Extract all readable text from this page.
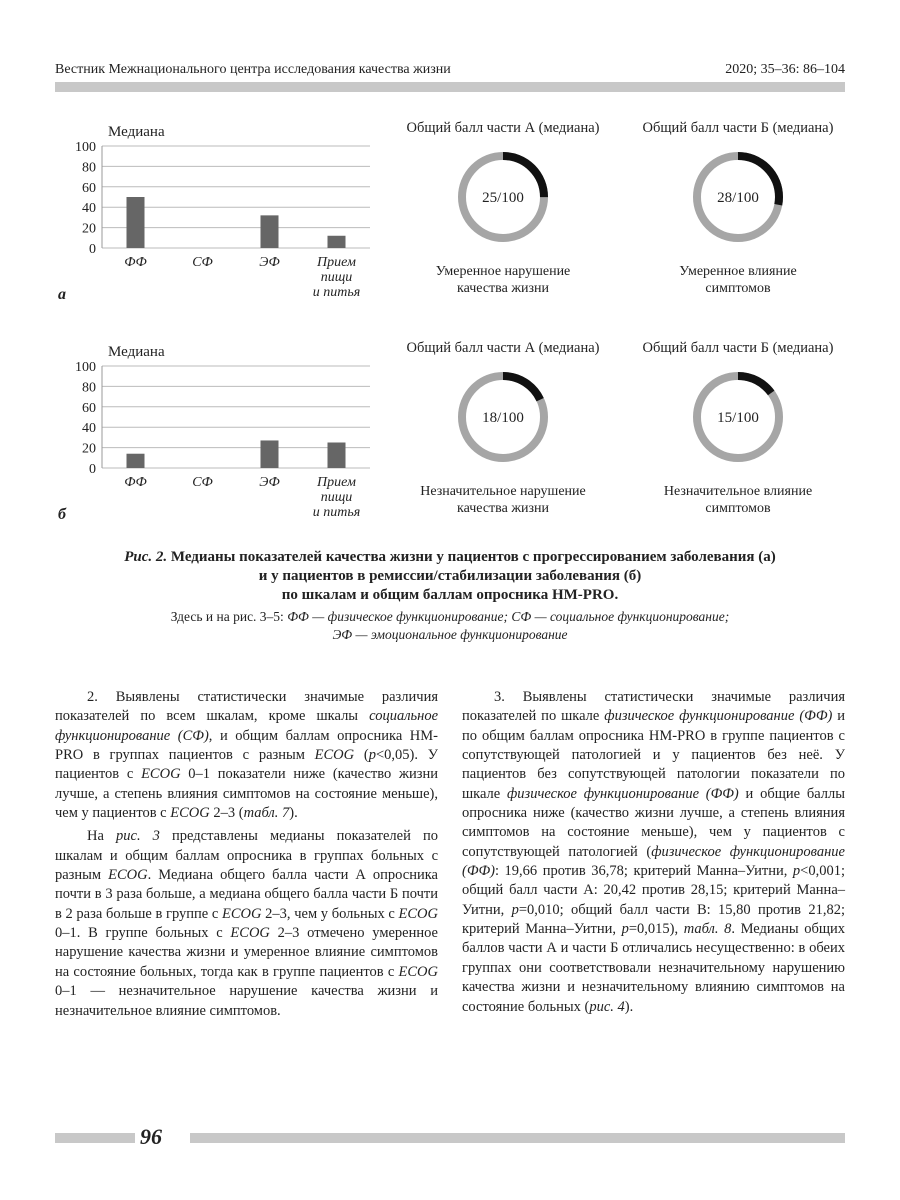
Вестник Межнационального центра исследования качества жизни	2020; 35–36: 86–104
Медиана
0
20
40
60
80
100
ФФ	СФ	ЭФ	Прием
пищи
и питья
а
Общий балл части А (медиана)
25/100
Умеренное нарушение
качества жизни
Общий балл части Б (медиана)
28/100
Умеренное влияние
симптомов
Медиана
0
20
40
60
80
100
ФФ	СФ	ЭФ	Прием
пищи
и питья
б
Общий балл части А (медиана)
18/100
Незначительное нарушение
качества жизни
Общий балл части Б (медиана)
15/100
Незначительное влияние
симптомов
Рис. 2. Медианы показателей качества жизни у пациентов с прогрессированием заболевания (а)
и у пациентов в ремиссии/стабилизации заболевания (б)
по шкалам и общим баллам опросника HM-PRO.
Здесь и на рис. 3–5: ФФ — физическое функционирование; СФ — социальное функционирование;
ЭФ — эмоциональное функционирование

2. Выявлены статистически значимые различия показателей по всем шкалам, кроме шкалы социальное функционирование (СФ), и общим баллам опросника HM-PRO в группах пациентов с разным ECOG (p<0,05). У пациентов с ECOG 0–1 показатели ниже (качество жизни лучше, а степень влияния симптомов на состояние меньше), чем у пациентов с ECOG 2–3 (табл. 7).

На рис. 3 представлены медианы показателей по шкалам и общим баллам опросника в группах больных с разным ECOG. Медиана общего балла части А опросника почти в 3 раза больше, а медиана общего балла части Б почти в 2 раза больше в группе с ECOG 2–3, чем у больных с ECOG 0–1. В группе больных с ECOG 2–3 отмечено умеренное нарушение качества жизни и умеренное влияние симптомов на состояние больных, тогда как в группе пациентов с ECOG 0–1 — незначительное нарушение качества жизни и незначительное влияние симптомов.

3. Выявлены статистически значимые различия показателей по шкале физическое функционирование (ФФ) и по общим баллам опросника HM-PRO в группе пациентов с сопутствующей патологией и у пациентов без неё. У пациентов без сопутствующей патологии показатели по шкале физическое функционирование (ФФ) и общие баллы опросника ниже (качество жизни лучше, а степень влияния симптомов на состояние меньше), чем у пациентов с сопутствующей патологией (физическое функционирование (ФФ): 19,66 против 36,78; критерий Манна–Уитни, p<0,001; общий балл части А: 20,42 против 28,15; критерий Манна–Уитни, p=0,010; общий балл части В: 15,80 против 21,82; критерий Манна–Уитни, p=0,015), табл. 8. Медианы общих баллов части А и части Б отличались несущественно: в обеих группах они соответствовали незначительному нарушению качества жизни и незначительному влиянию симптомов на состояние больных (рис. 4).

96
